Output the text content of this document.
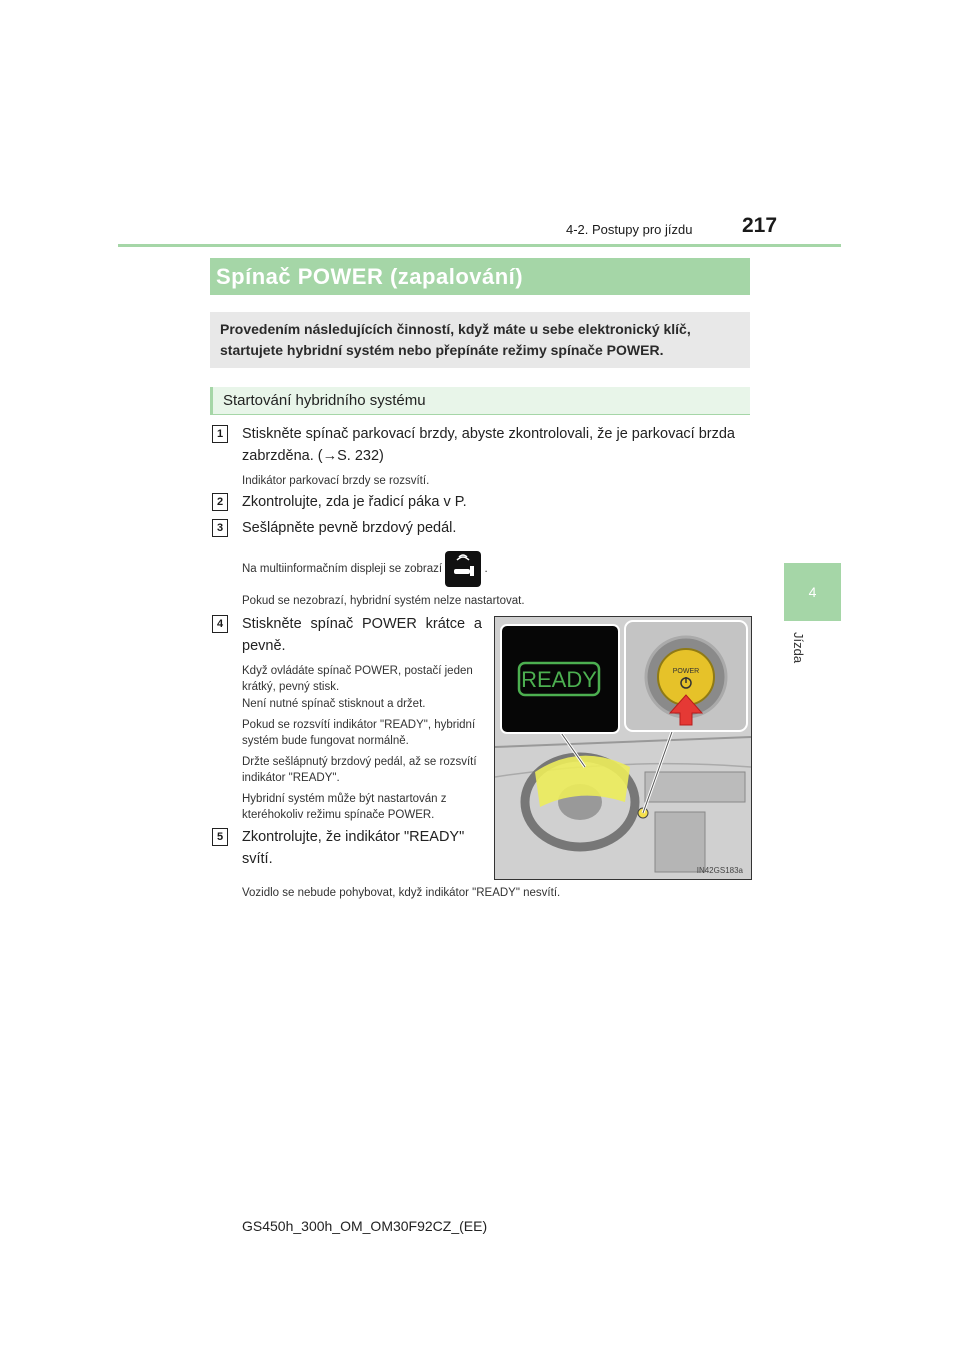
4-2. Postupy pro jízdu 217
4
Jízda
Spínač POWER (zapalování)
Provedením následujících činností, když máte u sebe elektronický klíč, startujete hybridní systém nebo přepínáte režimy spínače POWER.
Startování hybridního systému
1	Stiskněte spínač parkovací brzdy, abyste zkontrolovali, že je parkovací brzda zabrzděna. (→S. 232)
Indikátor parkovací brzdy se rozsvítí.
2	Zkontrolujte, zda je řadicí páka v P.
3	Sešlápněte pevně brzdový pedál.
Na multiinformačním displeji se zobrazí	.
Pokud se nezobrazí, hybridní systém nelze nastartovat.
4	Stiskněte spínač POWER krátce a pevně.
Když ovládáte spínač POWER, postačí jeden krátký, pevný stisk.
Není nutné spínač stisknout a držet.
Pokud se rozsvítí indikátor "READY", hybridní systém bude fungovat normálně.
Držte sešlápnutý brzdový pedál, až se rozsvítí indikátor "READY".
Hybridní systém může být nastartován z kteréhokoliv režimu spínače POWER.
5	Zkontrolujte, že indikátor "READY" svítí.
Vozidlo se nebude pohybovat, když indikátor "READY" nesvítí.
READY	POWER
IN42GS183a
GS450h_300h_OM_OM30F92CZ_(EE)
